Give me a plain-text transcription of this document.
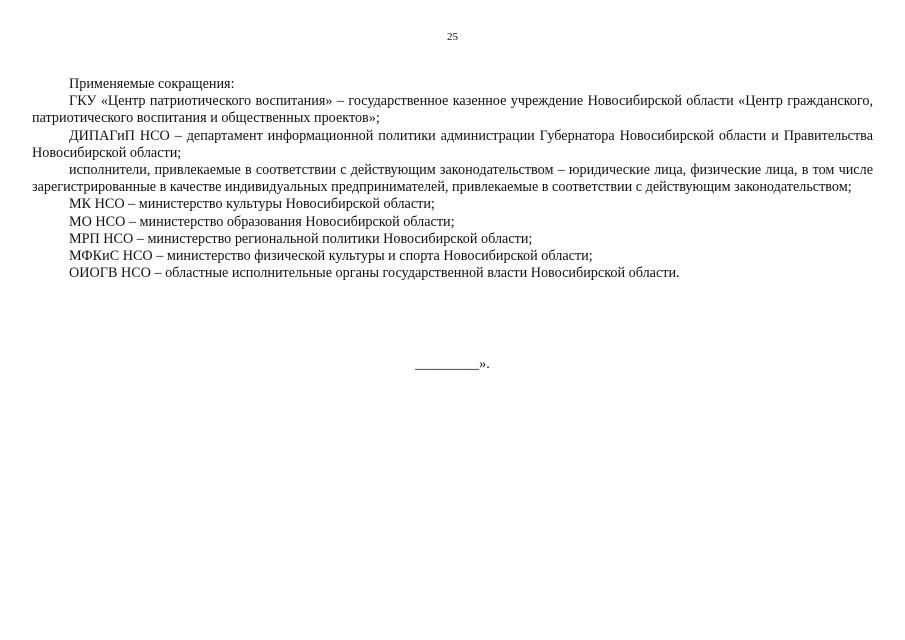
25

Применяемые сокращения:

ГКУ «Центр патриотического воспитания» – государственное казенное учреждение Новосибирской области «Центр гражданского, патриотического воспитания и общественных проектов»;

ДИПАГиП НСО – департамент информационной политики администрации Губернатора Новосибирской области и Правительства Новосибирской области;

исполнители, привлекаемые в соответствии с действующим законодательством – юридические лица, физические лица, в том числе зарегистрированные в качестве индивидуальных предпринимателей, привлекаемые в соответствии с действующим законодательством;

МК НСО – министерство культуры Новосибирской области;

МО НСО – министерство образования Новосибирской области;

МРП НСО – министерство региональной политики Новосибирской области;

МФКиС НСО – министерство физической культуры и спорта Новосибирской области;

ОИОГВ НСО – областные исполнительные органы государственной власти Новосибирской области.

_________».
